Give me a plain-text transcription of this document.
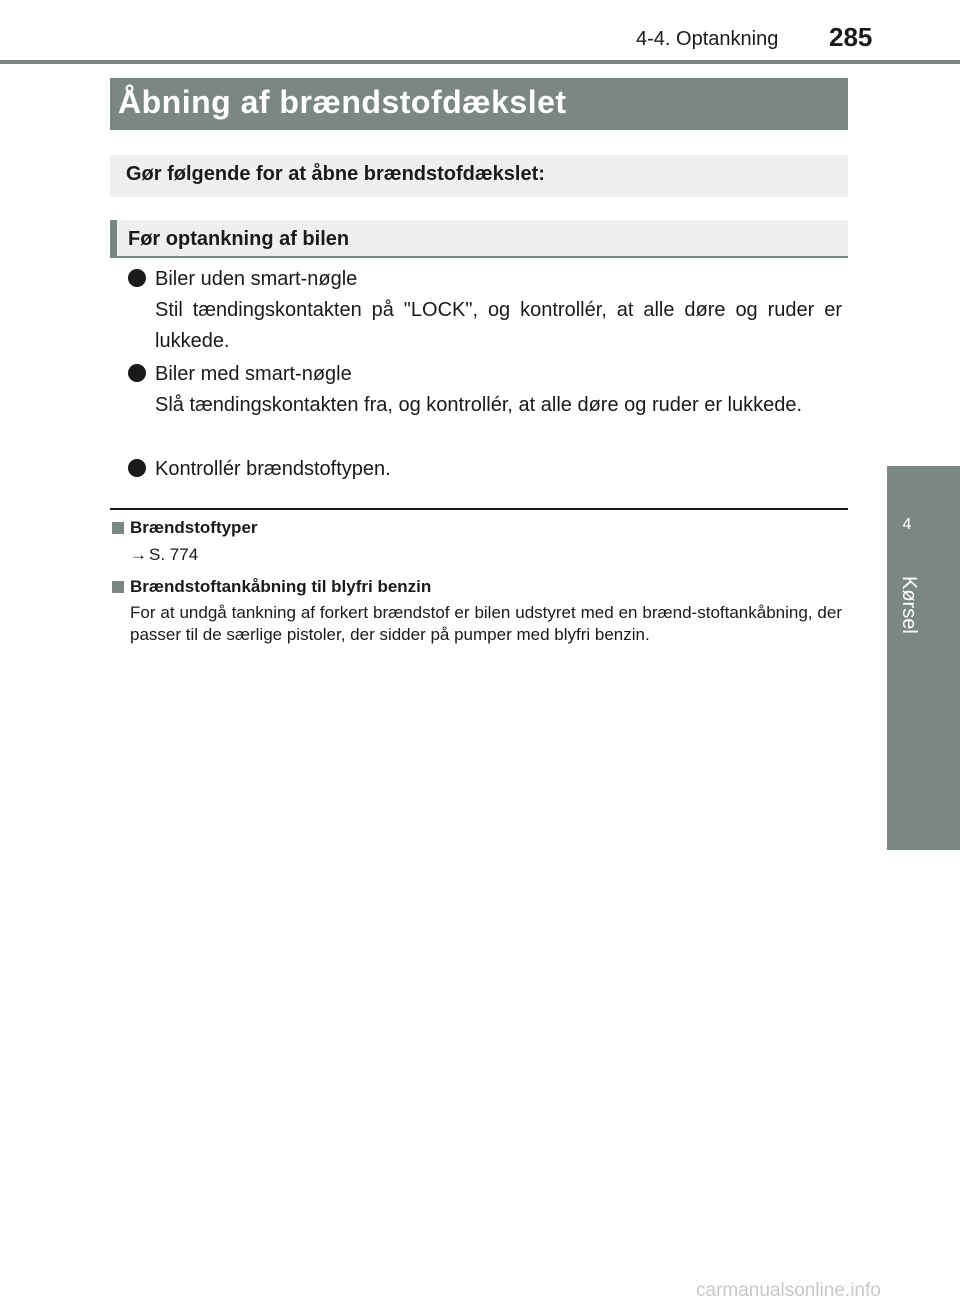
4-4. Optankning 285
4
Kørsel
Åbning af brændstofdækslet
Gør følgende for at åbne brændstofdækslet:
Før optankning af bilen
Biler uden smart-nøgle
Stil tændingskontakten på "LOCK", og kontrollér, at alle døre og ruder er lukkede.
Biler med smart-nøgle
Slå tændingskontakten fra, og kontrollér, at alle døre og ruder er lukkede.
Kontrollér brændstoftypen.
Brændstoftyper
→ S. 774
Brændstoftankåbning til blyfri benzin
For at undgå tankning af forkert brændstof er bilen udstyret med en brænd-stoftankåbning, der passer til de særlige pistoler, der sidder på pumper med blyfri benzin.
carmanualsonline.info
